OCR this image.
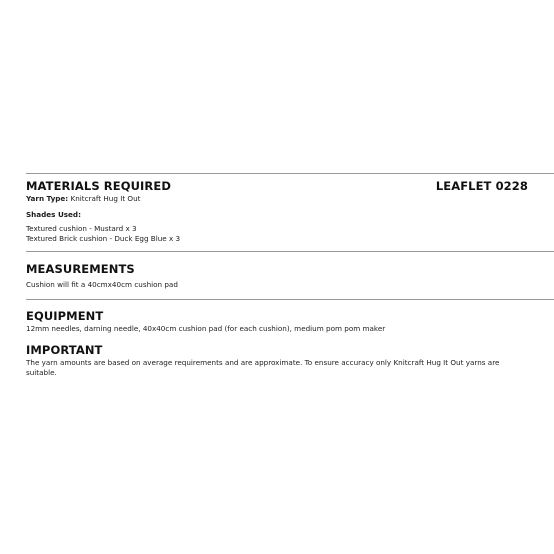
MATERIALS REQUIRED	LEAFLET 0228
Yarn Type: Knitcraft Hug It Out
Shades Used:
Textured cushion - Mustard x 3
Textured Brick cushion - Duck Egg Blue x 3
MEASUREMENTS
Cushion will fit a 40cmx40cm cushion pad
EQUIPMENT
12mm needles, darning needle, 40x40cm cushion pad (for each cushion), medium pom pom maker
IMPORTANT
The yarn amounts are based on average requirements and are approximate. To ensure accuracy only Knitcraft Hug It Out yarns are suitable.
